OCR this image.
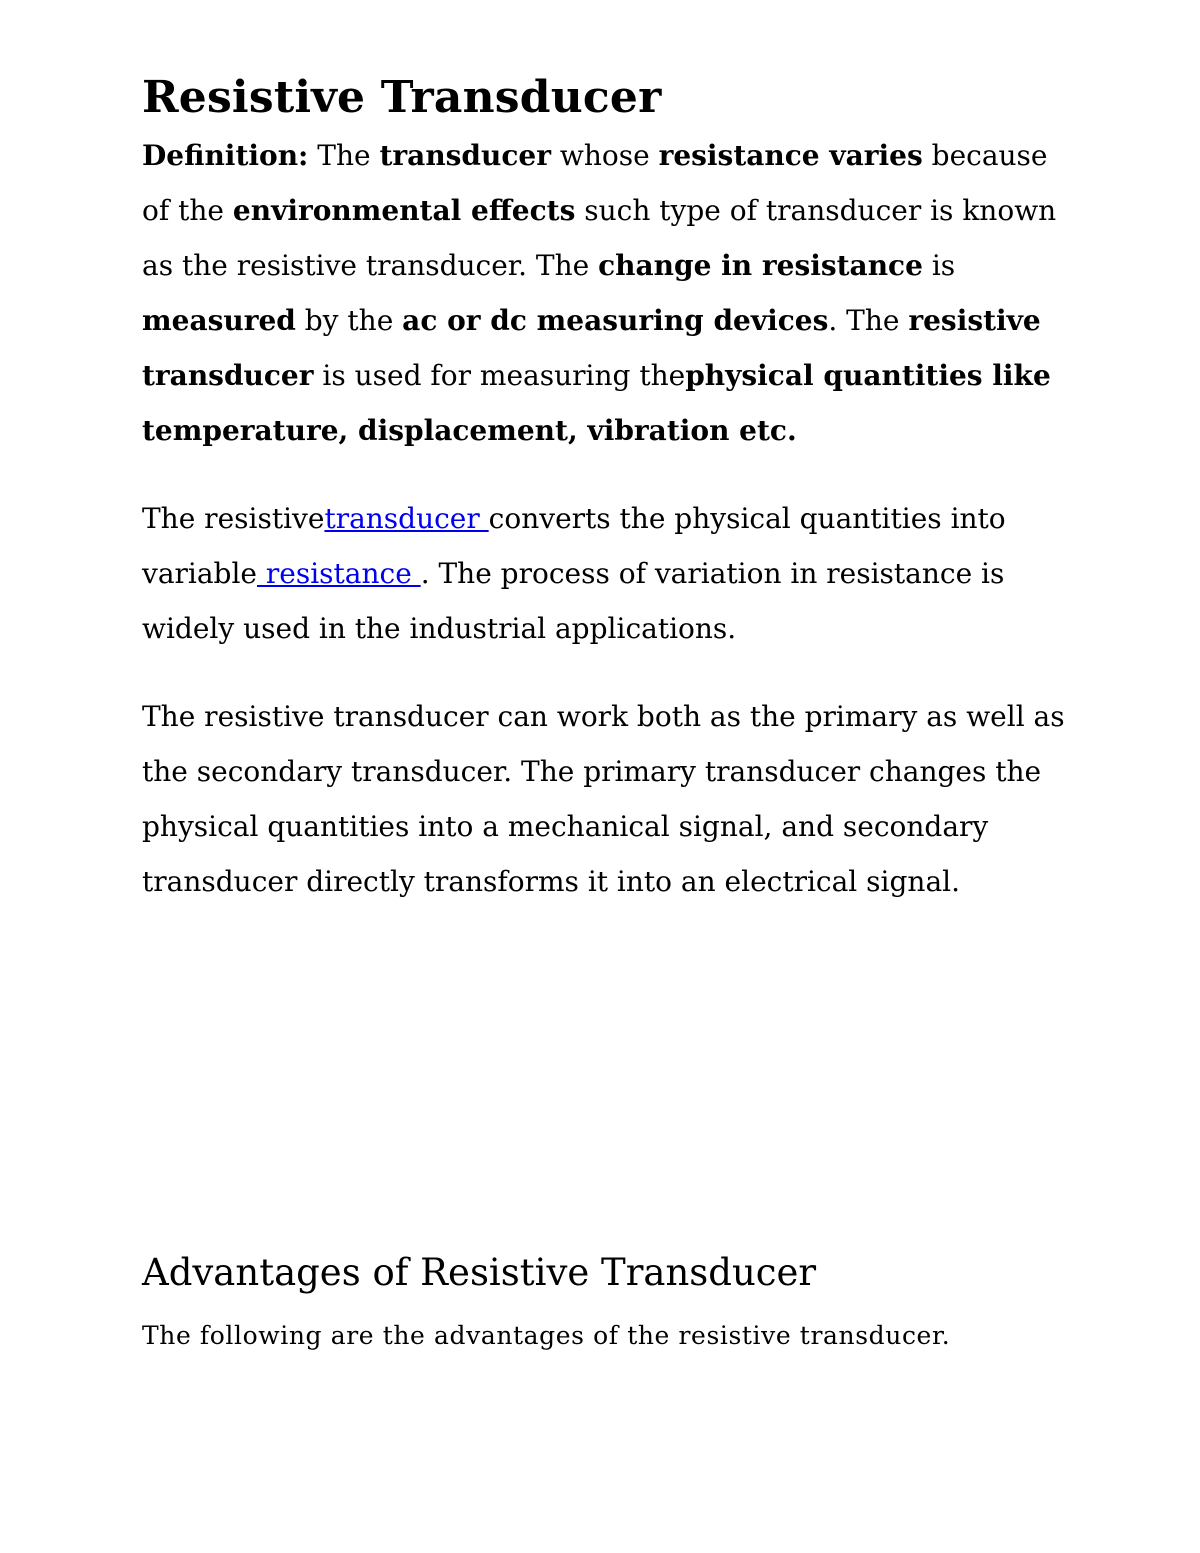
Resistive Transducer

Definition: The transducer whose resistance varies because of the environmental effects such type of transducer is known as the resistive transducer. The change in resistance is measured by the ac or dc measuring devices. The resistive transducer is used for measuring thephysical quantities like temperature, displacement, vibration etc.

The resistivetransducer converts the physical quantities into variable resistance . The process of variation in resistance is widely used in the industrial applications.

The resistive transducer can work both as the primary as well as the secondary transducer. The primary transducer changes the physical quantities into a mechanical signal, and secondary transducer directly transforms it into an electrical signal.

Advantages of Resistive Transducer

The following are the advantages of the resistive transducer.
